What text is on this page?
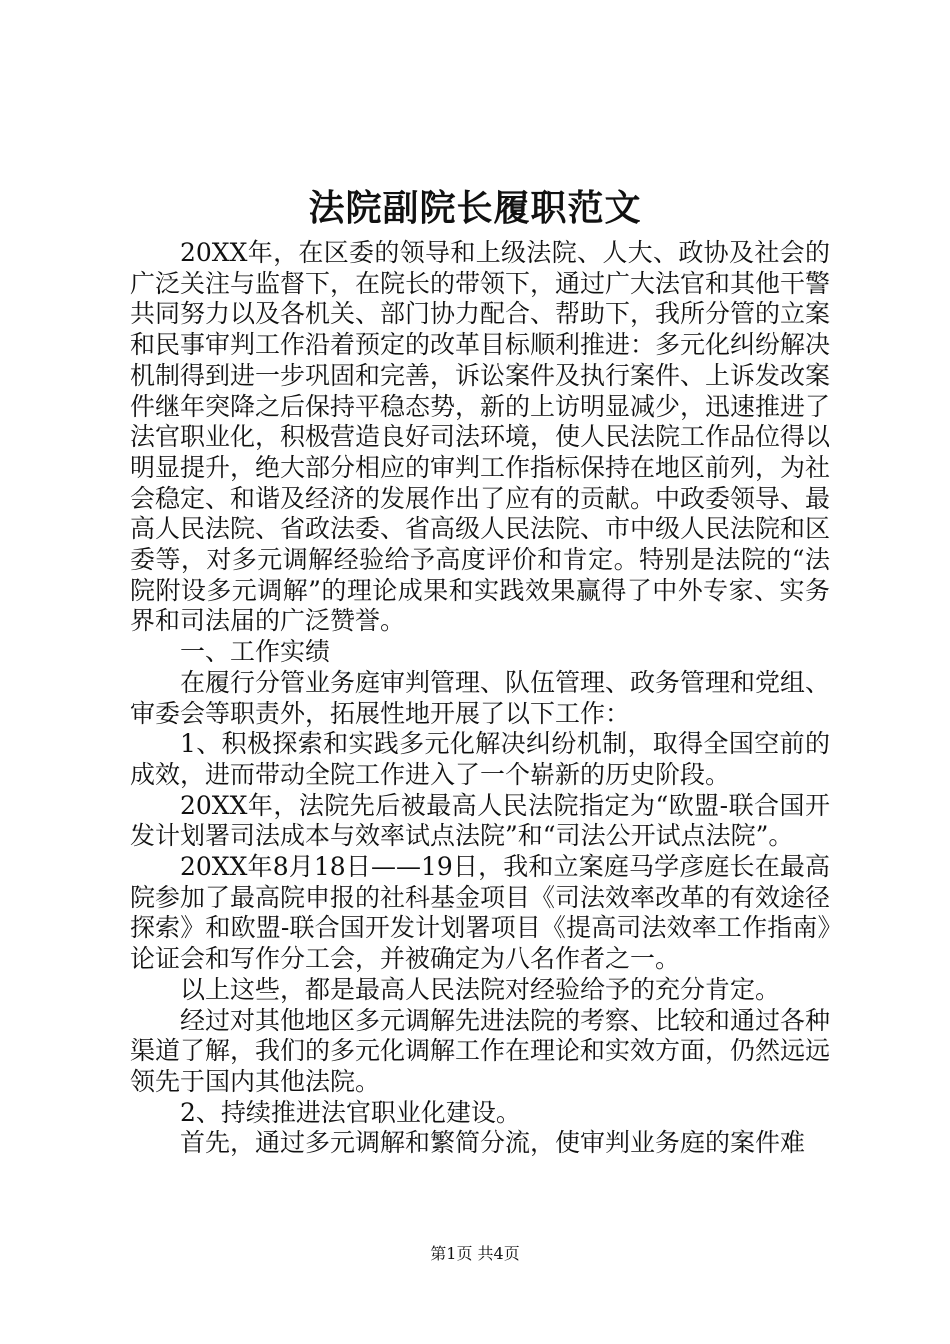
法院副院长履职范文

20XX年，在区委的领导和上级法院、人大、政协及社会的广泛关注与监督下，在院长的带领下，通过广大法官和其他干警共同努力以及各机关、部门协力配合、帮助下，我所分管的立案和民事审判工作沿着预定的改革目标顺利推进：多元化纠纷解决机制得到进一步巩固和完善，诉讼案件及执行案件、上诉发改案件继年突降之后保持平稳态势，新的上访明显减少，迅速推进了法官职业化，积极营造良好司法环境，使人民法院工作品位得以明显提升，绝大部分相应的审判工作指标保持在地区前列，为社会稳定、和谐及经济的发展作出了应有的贡献。中政委领导、最高人民法院、省政法委、省高级人民法院、市中级人民法院和区委等，对多元调解经验给予高度评价和肯定。特别是法院的“法院附设多元调解”的理论成果和实践效果赢得了中外专家、实务界和司法届的广泛赞誉。

一、工作实绩

在履行分管业务庭审判管理、队伍管理、政务管理和党组、审委会等职责外，拓展性地开展了以下工作：

1、积极探索和实践多元化解决纠纷机制，取得全国空前的成效，进而带动全院工作进入了一个崭新的历史阶段。

20XX年，法院先后被最高人民法院指定为“欧盟-联合国开发计划署司法成本与效率试点法院”和“司法公开试点法院”。

20XX年8月18日——19日，我和立案庭马学彦庭长在最高院参加了最高院申报的社科基金项目《司法效率改革的有效途径探索》和欧盟-联合国开发计划署项目《提高司法效率工作指南》论证会和写作分工会，并被确定为八名作者之一。

以上这些，都是最高人民法院对经验给予的充分肯定。

经过对其他地区多元调解先进法院的考察、比较和通过各种渠道了解，我们的多元化调解工作在理论和实效方面，仍然远远领先于国内其他法院。

2、持续推进法官职业化建设。

首先，通过多元调解和繁简分流，使审判业务庭的案件难

第1页 共4页
